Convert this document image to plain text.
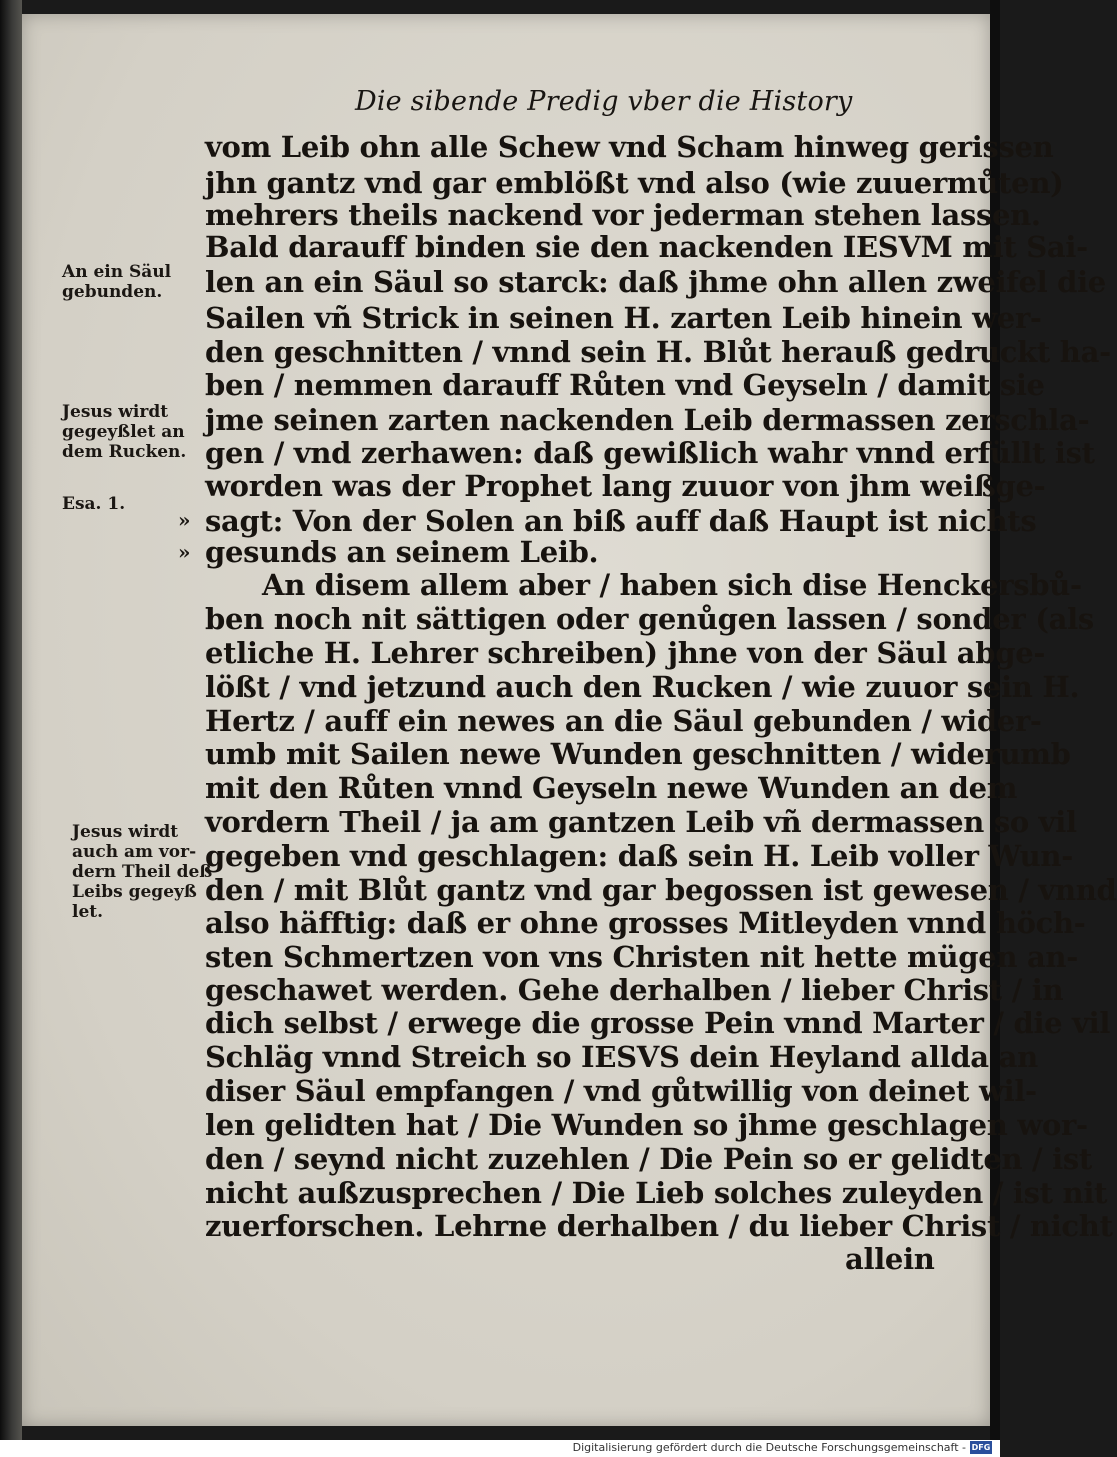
Die sibende Predig vber die History
vom Leib ohn alle Schew vnd Scham hinweg gerissen
jhn gantz vnd gar emblößt vnd also (wie zuuermůten)
mehrers theils nackend vor jederman stehen lassen.
Bald darauff binden sie den nackenden IESVM mit Sai-
len an ein Säul so starck: daß jhme ohn allen zweifel die
Sailen vñ Strick in seinen H. zarten Leib hinein wer-
den geschnitten / vnnd sein H. Blůt herauß gedruckt ha-
ben / nemmen darauff Růten vnd Geyseln / damit sie
jme seinen zarten nackenden Leib dermassen zerschla-
gen / vnd zerhawen: daß gewißlich wahr vnnd erfüllt ist
worden was der Prophet lang zuuor von jhm weißge-
sagt: Von der Solen an biß auff daß Haupt ist nichts
gesunds an seinem Leib.
An disem allem aber / haben sich dise Henckersbů-
ben noch nit sättigen oder genůgen lassen / sonder (als
etliche H. Lehrer schreiben) jhne von der Säul abge-
lößt / vnd jetzund auch den Rucken / wie zuuor sein H.
Hertz / auff ein newes an die Säul gebunden / wider-
umb mit Sailen newe Wunden geschnitten / widerumb
mit den Růten vnnd Geyseln newe Wunden an dem
vordern Theil / ja am gantzen Leib vñ dermassen so vil
gegeben vnd geschlagen: daß sein H. Leib voller Wun-
den / mit Blůt gantz vnd gar begossen ist gewesen / vnnd
also häfftig: daß er ohne grosses Mitleyden vnnd höch-
sten Schmertzen von vns Christen nit hette mügen an-
geschawet werden. Gehe derhalben / lieber Christ / in
dich selbst / erwege die grosse Pein vnnd Marter / die vil
Schläg vnnd Streich so IESVS dein Heyland allda an
diser Säul empfangen / vnd gůtwillig von deinet wil-
len gelidten hat / Die Wunden so jhme geschlagen wor-
den / seynd nicht zuzehlen / Die Pein so er gelidten / ist
nicht außzusprechen / Die Lieb solches zuleyden / ist nit
zuerforschen. Lehrne derhalben / du lieber Christ / nicht
allein
An ein Säul
gebunden.
Jesus wirdt
gegeyßlet an
dem Rucken.
Esa. 1.
Jesus wirdt
auch am vor-
dern Theil deß
Leibs gegeyß
let.
»
»
Digitalisierung gefördert durch die Deutsche Forschungsgemeinschaft - DFG
